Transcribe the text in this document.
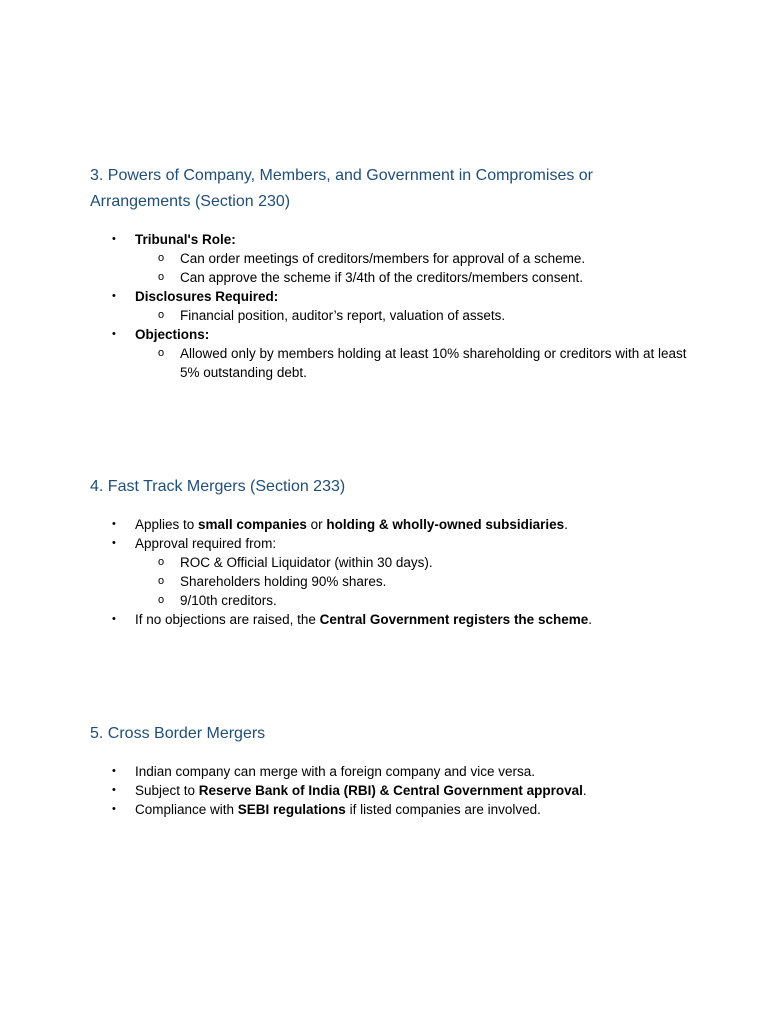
3. Powers of Company, Members, and Government in Compromises or Arrangements (Section 230)
• Tribunal's Role:
o Can order meetings of creditors/members for approval of a scheme.
o Can approve the scheme if 3/4th of the creditors/members consent.
• Disclosures Required:
o Financial position, auditor’s report, valuation of assets.
• Objections:
o Allowed only by members holding at least 10% shareholding or creditors with at least 5% outstanding debt.
4. Fast Track Mergers (Section 233)
• Applies to small companies or holding & wholly-owned subsidiaries.
• Approval required from:
o ROC & Official Liquidator (within 30 days).
o Shareholders holding 90% shares.
o 9/10th creditors.
• If no objections are raised, the Central Government registers the scheme.
5. Cross Border Mergers
• Indian company can merge with a foreign company and vice versa.
• Subject to Reserve Bank of India (RBI) & Central Government approval.
• Compliance with SEBI regulations if listed companies are involved.
